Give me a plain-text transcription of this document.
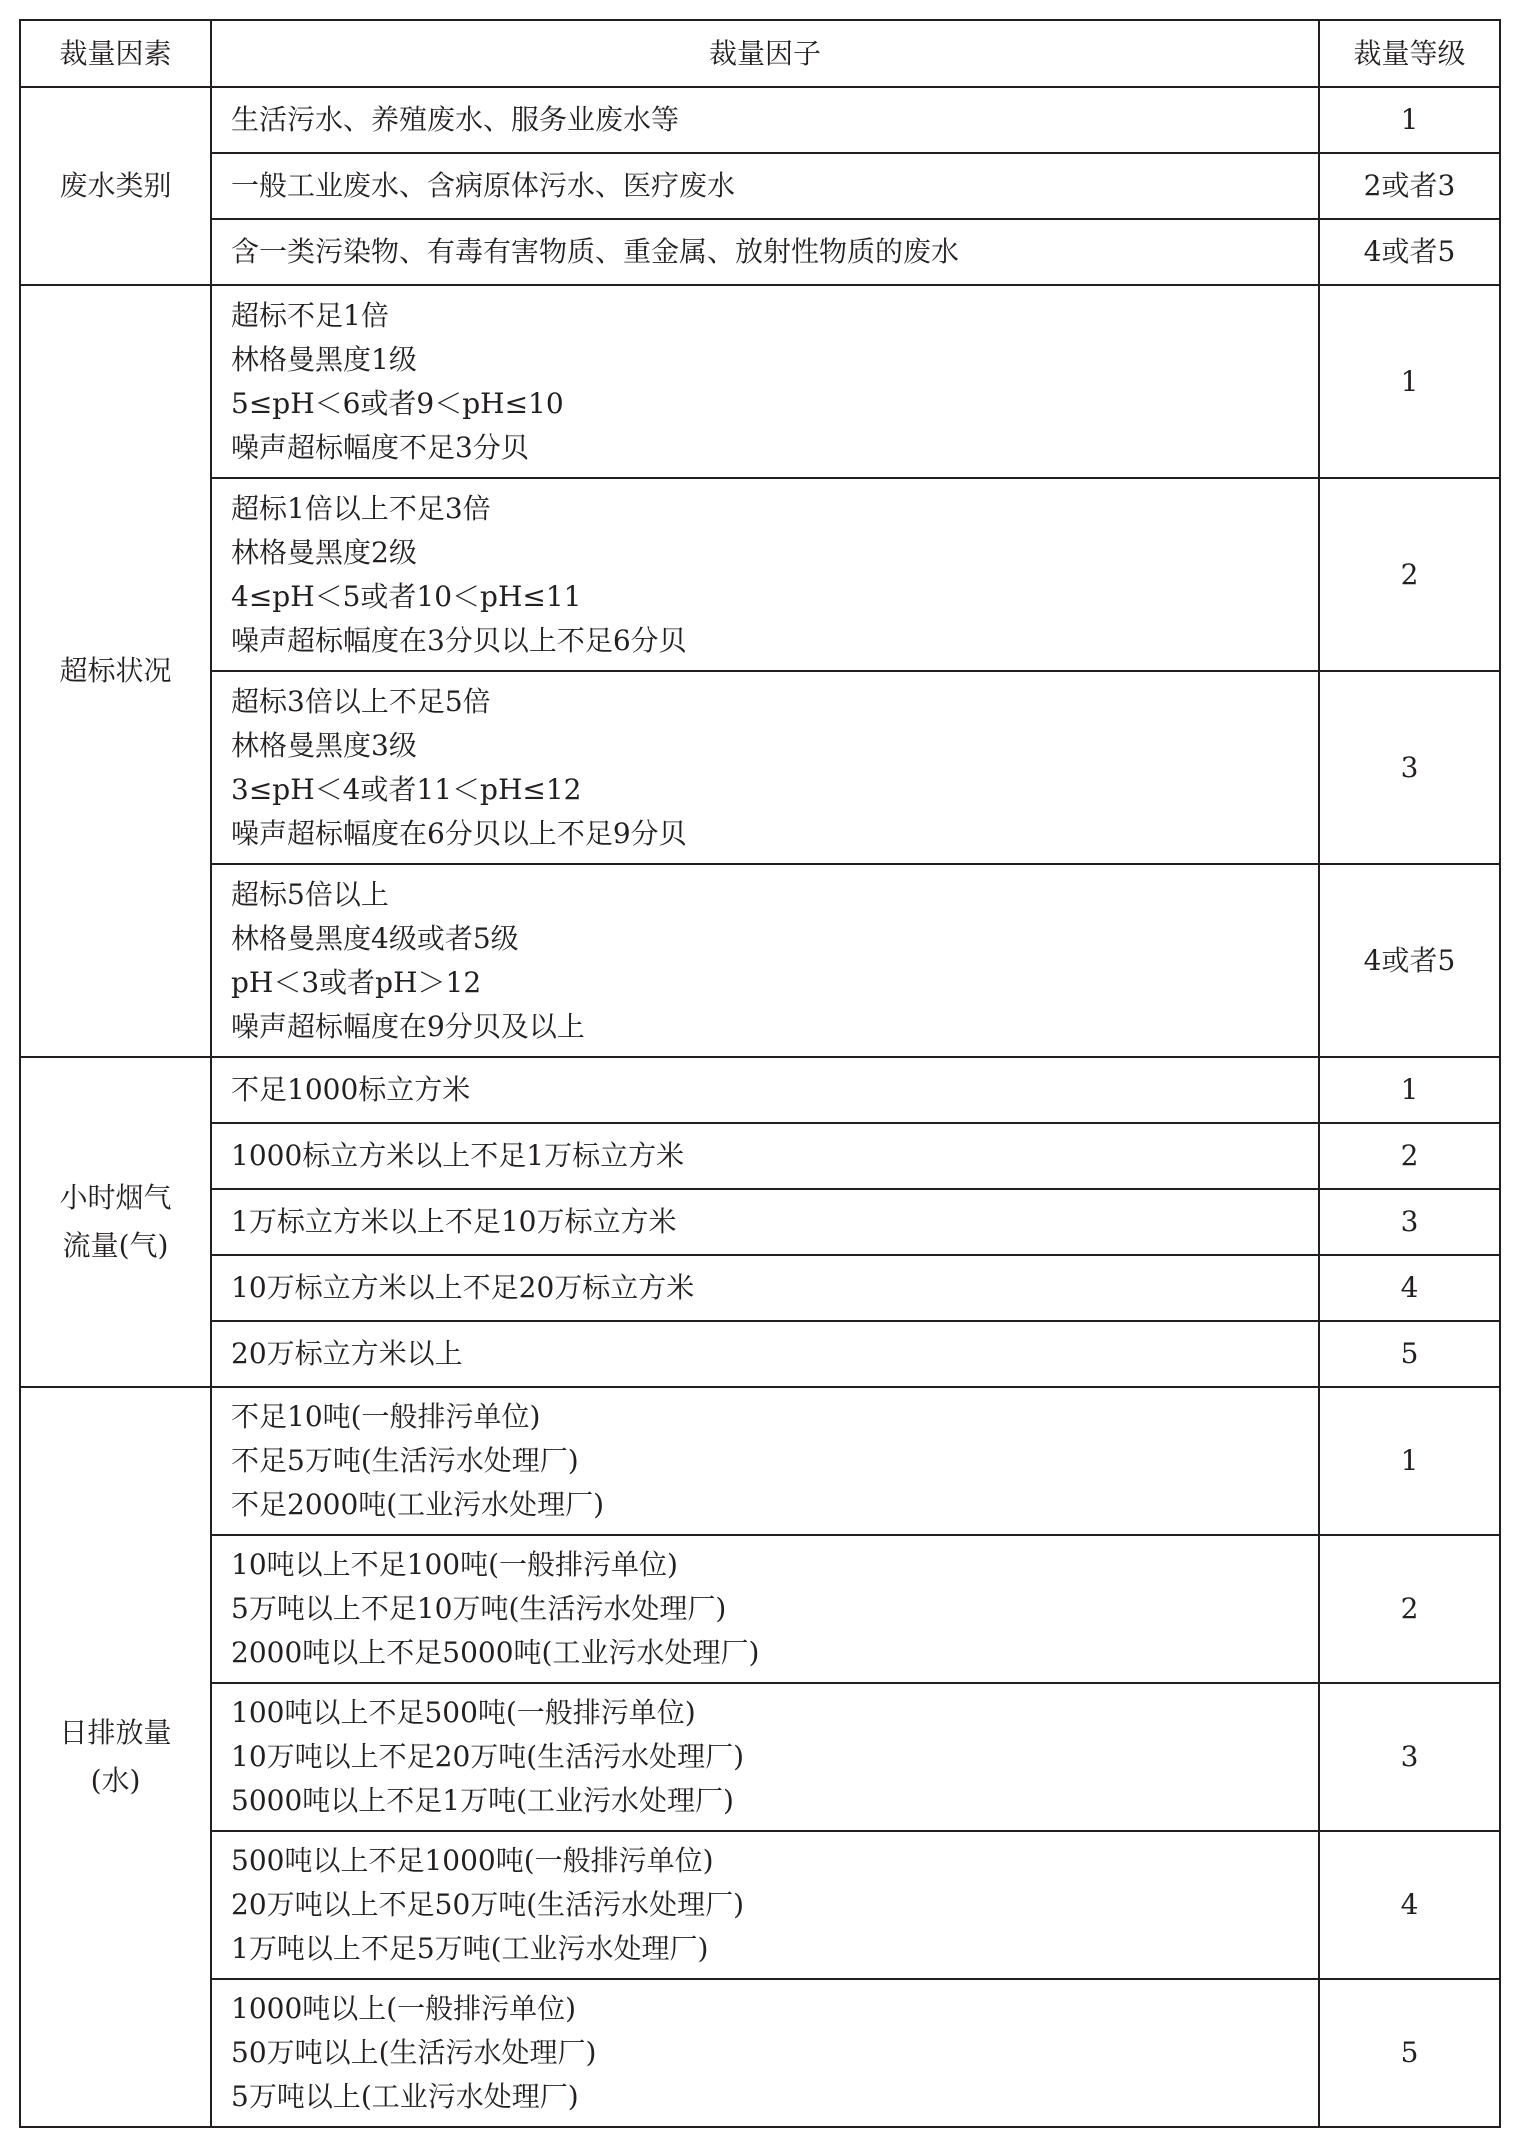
裁量因素	裁量因子	裁量等级

废水类别	生活污水、养殖废水、服务业废水等	1

	一般工业废水、含病原体污水、医疗废水	2或者3

	含一类污染物、有毒有害物质、重金属、放射性物质的废水	4或者5

超标状况	超标不足1倍
林格曼黑度1级
5≤pH＜6或者9＜pH≤10
噪声超标幅度不足3分贝	1

	超标1倍以上不足3倍
林格曼黑度2级
4≤pH＜5或者10＜pH≤11
噪声超标幅度在3分贝以上不足6分贝	2

	超标3倍以上不足5倍
林格曼黑度3级
3≤pH＜4或者11＜pH≤12
噪声超标幅度在6分贝以上不足9分贝	3

	超标5倍以上
林格曼黑度4级或者5级
pH＜3或者pH＞12
噪声超标幅度在9分贝及以上	4或者5

小时烟气
流量(气)	不足1000标立方米	1

	1000标立方米以上不足1万标立方米	2

	1万标立方米以上不足10万标立方米	3

	10万标立方米以上不足20万标立方米	4

	20万标立方米以上	5

日排放量
(水)	不足10吨(一般排污单位)
不足5万吨(生活污水处理厂)
不足2000吨(工业污水处理厂)	1

	10吨以上不足100吨(一般排污单位)
5万吨以上不足10万吨(生活污水处理厂)
2000吨以上不足5000吨(工业污水处理厂)	2

	100吨以上不足500吨(一般排污单位)
10万吨以上不足20万吨(生活污水处理厂)
5000吨以上不足1万吨(工业污水处理厂)	3

	500吨以上不足1000吨(一般排污单位)
20万吨以上不足50万吨(生活污水处理厂)
1万吨以上不足5万吨(工业污水处理厂)	4

	1000吨以上(一般排污单位)
50万吨以上(生活污水处理厂)
5万吨以上(工业污水处理厂)	5
